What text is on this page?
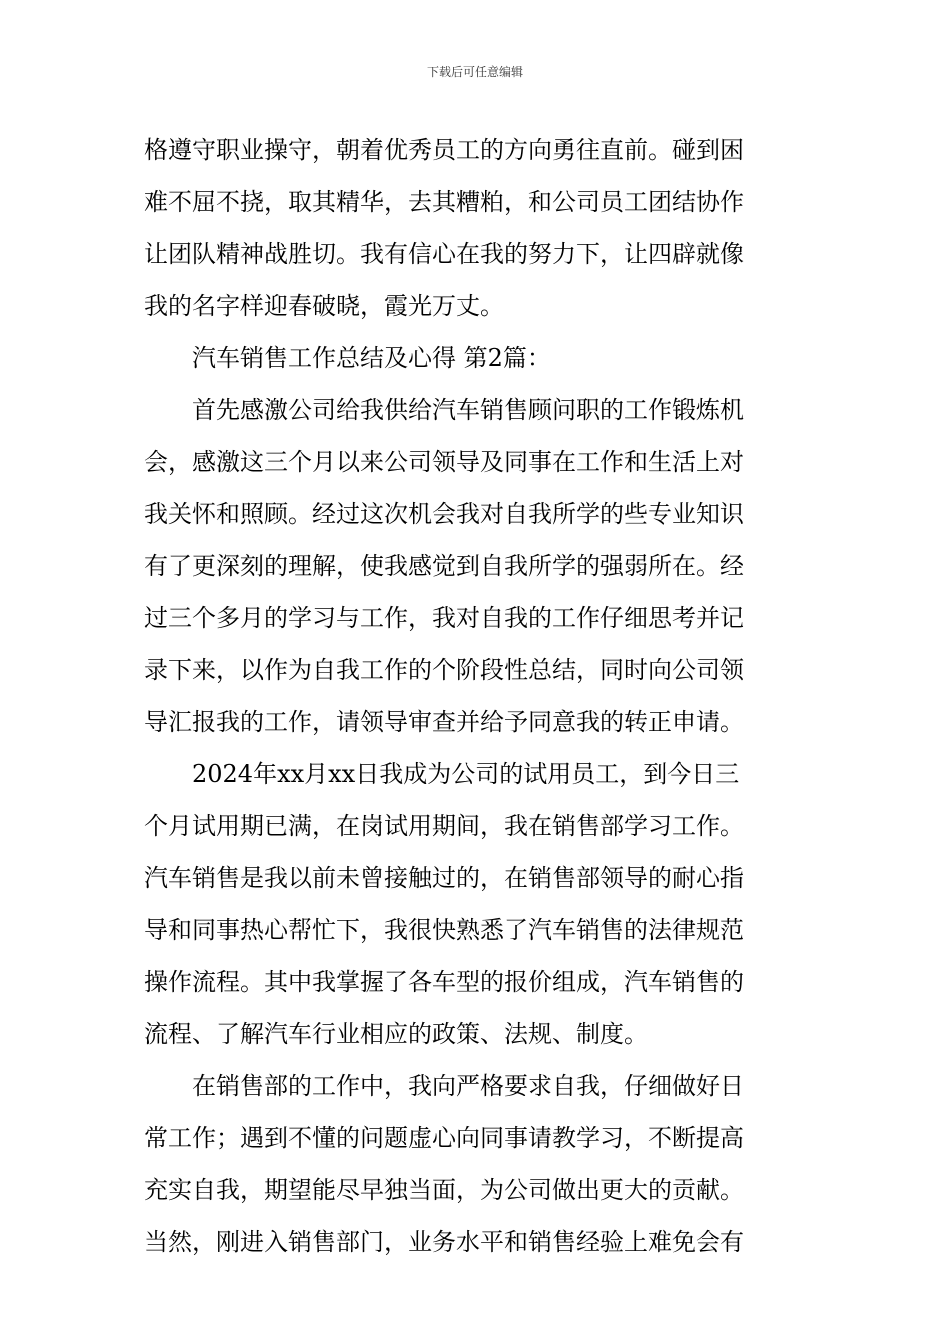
下载后可任意编辑
格遵守职业操守，朝着优秀员工的方向勇往直前。碰到困
难不屈不挠，取其精华，去其糟粕，和公司员工团结协作
让团队精神战胜切。我有信心在我的努力下，让四辟就像
我的名字样迎春破晓，霞光万丈。
汽车销售工作总结及心得 第2篇：
首先感激公司给我供给汽车销售顾问职的工作锻炼机
会，感激这三个月以来公司领导及同事在工作和生活上对
我关怀和照顾。经过这次机会我对自我所学的些专业知识
有了更深刻的理解，使我感觉到自我所学的强弱所在。经
过三个多月的学习与工作，我对自我的工作仔细思考并记
录下来，以作为自我工作的个阶段性总结，同时向公司领
导汇报我的工作，请领导审查并给予同意我的转正申请。
2024年xx月xx日我成为公司的试用员工，到今日三
个月试用期已满，在岗试用期间，我在销售部学习工作。
汽车销售是我以前未曾接触过的，在销售部领导的耐心指
导和同事热心帮忙下，我很快熟悉了汽车销售的法律规范
操作流程。其中我掌握了各车型的报价组成，汽车销售的
流程、了解汽车行业相应的政策、法规、制度。
在销售部的工作中，我向严格要求自我，仔细做好日
常工作；遇到不懂的问题虚心向同事请教学习，不断提高
充实自我，期望能尽早独当面，为公司做出更大的贡献。
当然，刚进入销售部门，业务水平和销售经验上难免会有
